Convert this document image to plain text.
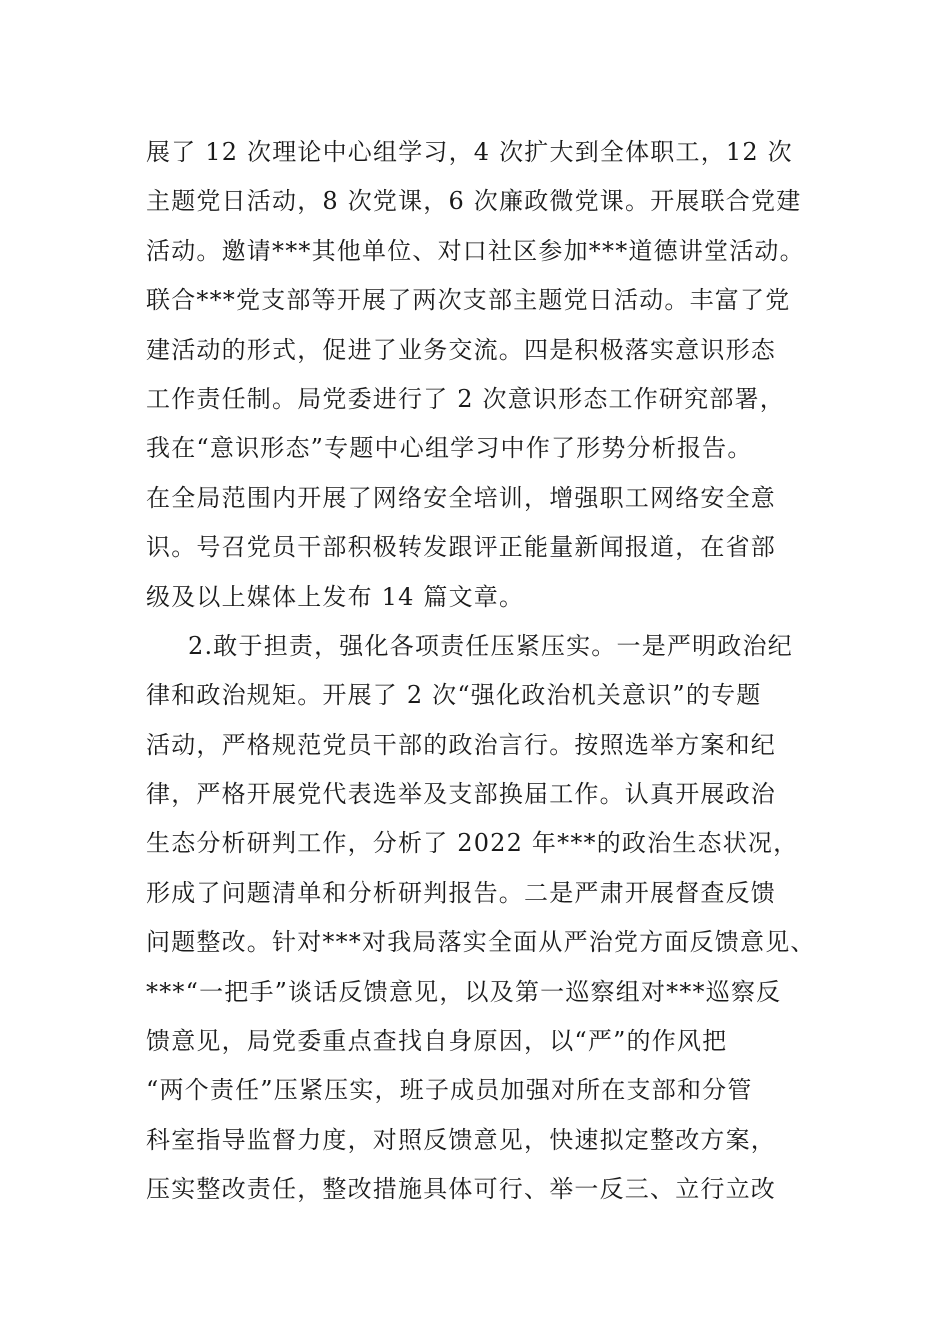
展了 12 次理论中心组学习，4 次扩大到全体职工，12 次
主题党日活动，8 次党课，6 次廉政微党课。开展联合党建
活动。邀请***其他单位、对口社区参加***道德讲堂活动。
联合***党支部等开展了两次支部主题党日活动。丰富了党
建活动的形式，促进了业务交流。四是积极落实意识形态
工作责任制。局党委进行了 2 次意识形态工作研究部署，
我在“意识形态”专题中心组学习中作了形势分析报告。
在全局范围内开展了网络安全培训，增强职工网络安全意
识。号召党员干部积极转发跟评正能量新闻报道，在省部
级及以上媒体上发布 14 篇文章。
2.敢于担责，强化各项责任压紧压实。一是严明政治纪
律和政治规矩。开展了 2 次“强化政治机关意识”的专题
活动，严格规范党员干部的政治言行。按照选举方案和纪
律，严格开展党代表选举及支部换届工作。认真开展政治
生态分析研判工作，分析了 2022 年***的政治生态状况，
形成了问题清单和分析研判报告。二是严肃开展督查反馈
问题整改。针对***对我局落实全面从严治党方面反馈意见、
***“一把手”谈话反馈意见，以及第一巡察组对***巡察反
馈意见，局党委重点查找自身原因，以“严”的作风把
“两个责任”压紧压实，班子成员加强对所在支部和分管
科室指导监督力度，对照反馈意见，快速拟定整改方案，
压实整改责任，整改措施具体可行、举一反三、立行立改
